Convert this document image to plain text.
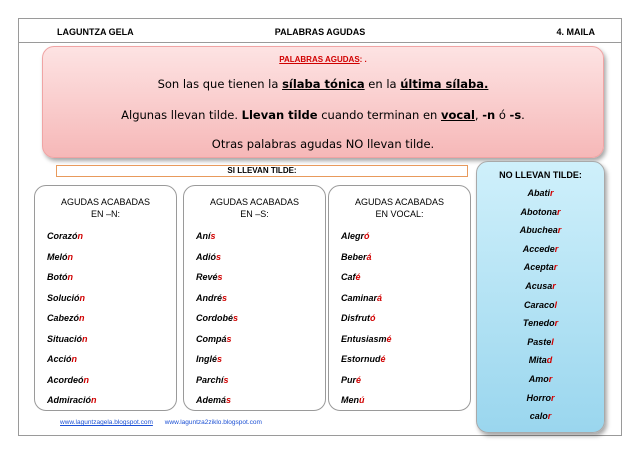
LAGUNTZA GELA	PALABRAS AGUDAS	4. MAILA
PALABRAS AGUDAS: .
Son las que tienen la sílaba tónica en la última sílaba.
Algunas llevan tilde. Llevan tilde cuando terminan en vocal, -n ó -s.
Otras palabras agudas NO llevan tilde.
SI LLEVAN TILDE:
AGUDAS ACABADAS
EN –N:
Corazón
Melón
Botón
Solución
Cabezón
Situación
Acción
Acordeón
Admiración
AGUDAS ACABADAS
EN –S:
Anís
Adiós
Revés
Andrés
Cordobés
Compás
Inglés
Parchís
Además
AGUDAS ACABADAS
EN VOCAL:
Alegró
Beberá
Café
Caminará
Disfrutó
Entusiasmé
Estornudé
Puré
Menú
NO LLEVAN TILDE:
Abatir
Abotonar
Abuchear
Acceder
Aceptar
Acusar
Caracol
Tenedor
Pastel
Mitad
Amor
Horror
calor
www.laguntzagela.blogspot.com www.laguntza2ziklo.blogspot.com
